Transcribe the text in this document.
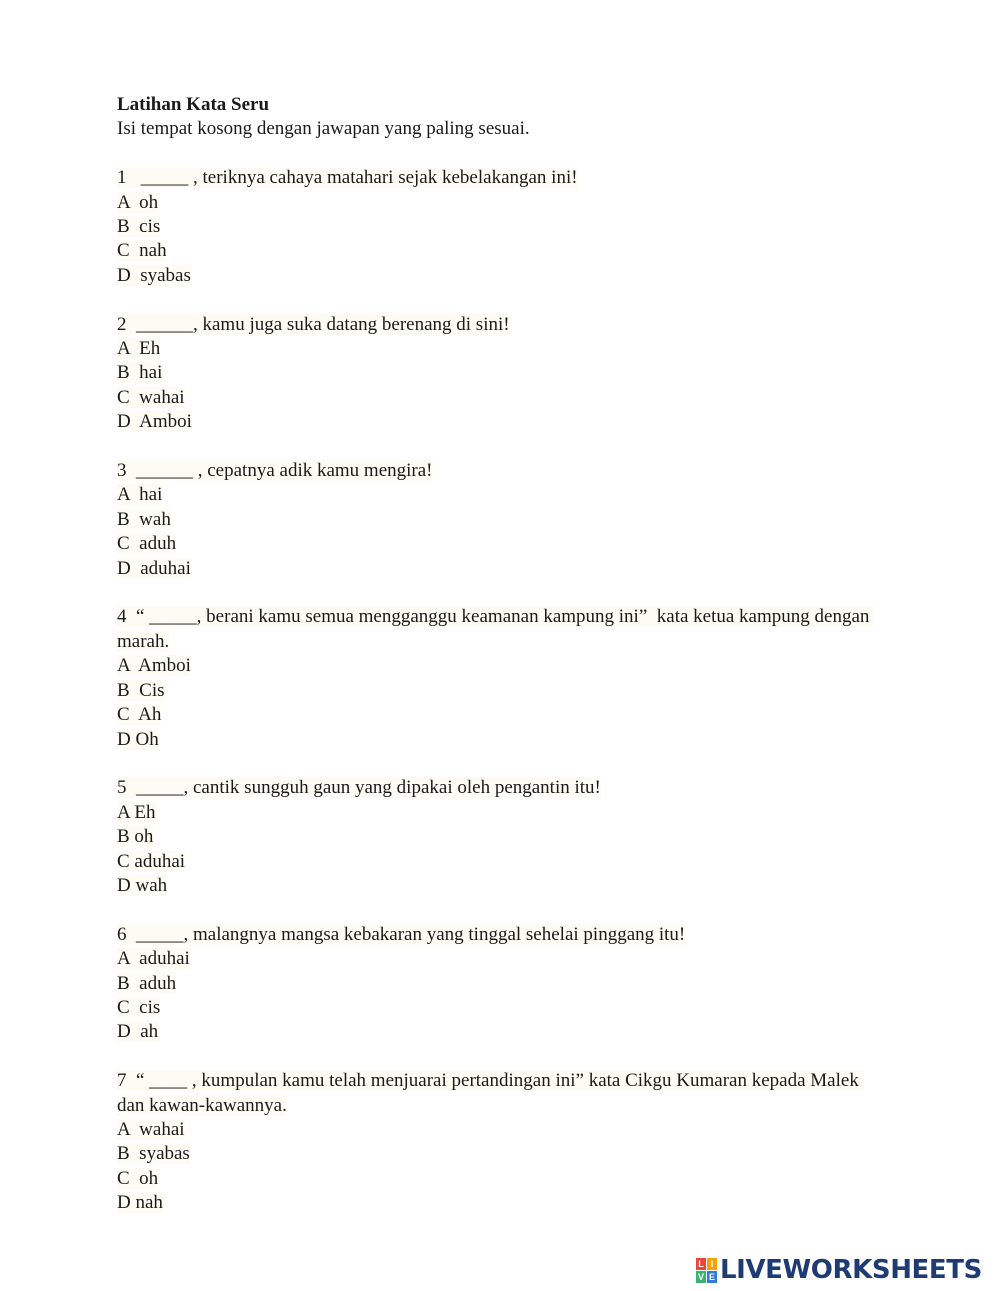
Latihan Kata Seru
Isi tempat kosong dengan jawapan yang paling sesuai.
1   _____ , teriknya cahaya matahari sejak kebelakangan ini!
A  oh
B  cis
C  nah
D  syabas
2  ______, kamu juga suka datang berenang di sini!
A  Eh
B  hai
C  wahai
D  Amboi
3  ______ , cepatnya adik kamu mengira!
A  hai
B  wah
C  aduh
D  aduhai
4  “ _____, berani kamu semua mengganggu keamanan kampung ini”  kata ketua kampung dengan marah.
A  Amboi
B  Cis
C  Ah
D Oh
5  _____, cantik sungguh gaun yang dipakai oleh pengantin itu!
A Eh
B oh
C aduhai
D wah
6  _____, malangnya mangsa kebakaran yang tinggal sehelai pinggang itu!
A  aduhai
B  aduh
C  cis
D  ah
7  “ ____ , kumpulan kamu telah menjuarai pertandingan ini” kata Cikgu Kumaran kepada Malek dan kawan-kawannya.
A  wahai
B  syabas
C  oh
D nah
L I
V E LIVEWORKSHEETS
